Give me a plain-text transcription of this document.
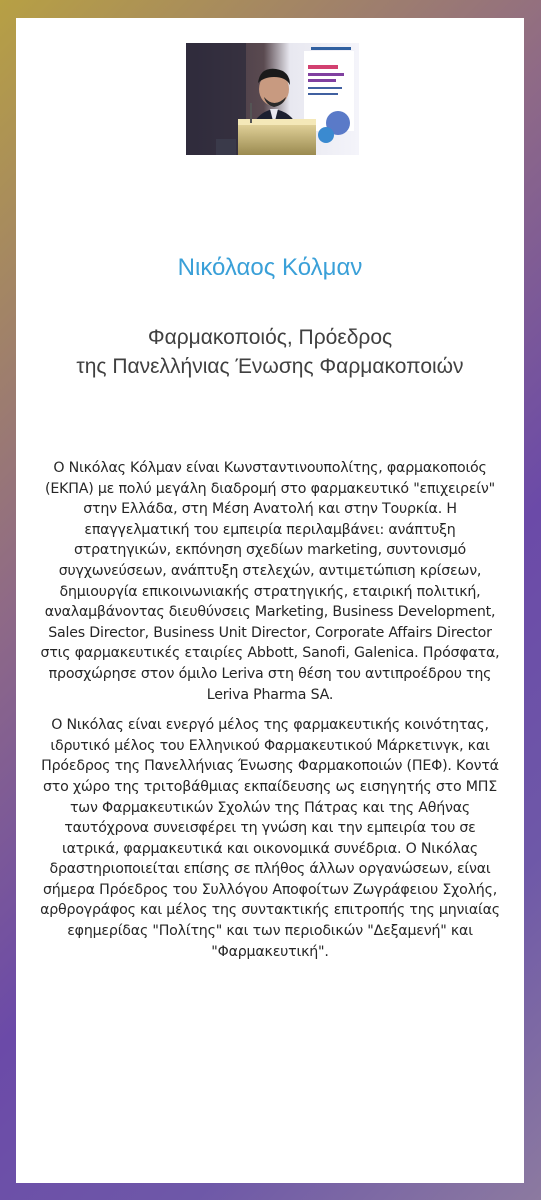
Νικόλαος Κόλμαν
Φαρμακοποιός, Πρόεδρος
της Πανελλήνιας Ένωσης Φαρμακοποιών

Ο Νικόλας Κόλμαν είναι Κωνσταντινουπολίτης, φαρμακοποιός (ΕΚΠΑ) με πολύ μεγάλη διαδρομή στο φαρμακευτικό "επιχειρείν" στην Ελλάδα, στη Μέση Ανατολή και στην Τουρκία. Η επαγγελματική του εμπειρία περιλαμβάνει: ανάπτυξη στρατηγικών, εκπόνηση σχεδίων marketing, συντονισμό συγχωνεύσεων, ανάπτυξη στελεχών, αντιμετώπιση κρίσεων, δημιουργία επικοινωνιακής στρατηγικής, εταιρική πολιτική, αναλαμβάνοντας διευθύνσεις Marketing, Business Development, Sales Director, Business Unit Director, Corporate Affairs Director στις φαρμακευτικές εταιρίες Abbott, Sanofi, Galenica. Πρόσφατα, προσχώρησε στον όμιλο Leriva στη θέση του αντιπροέδρου της Leriva Pharma SA.

Ο Νικόλας είναι ενεργό μέλος της φαρμακευτικής κοινότητας, ιδρυτικό μέλος του Ελληνικού Φαρμακευτικού Μάρκετινγκ, και Πρόεδρος της Πανελλήνιας Ένωσης Φαρμακοποιών (ΠΕΦ). Κοντά στο χώρο της τριτοβάθμιας εκπαίδευσης ως εισηγητής στο ΜΠΣ των Φαρμακευτικών Σχολών της Πάτρας και της Αθήνας ταυτόχρονα συνεισφέρει τη γνώση και την εμπειρία του σε ιατρικά, φαρμακευτικά και οικονομικά συνέδρια. Ο Νικόλας δραστηριοποιείται επίσης σε πλήθος άλλων οργανώσεων, είναι σήμερα Πρόεδρος του Συλλόγου Αποφοίτων Ζωγράφειου Σχολής, αρθρογράφος και μέλος της συντακτικής επιτροπής της μηνιαίας εφημερίδας "Πολίτης" και των περιοδικών "Δεξαμενή" και "Φαρμακευτική".
